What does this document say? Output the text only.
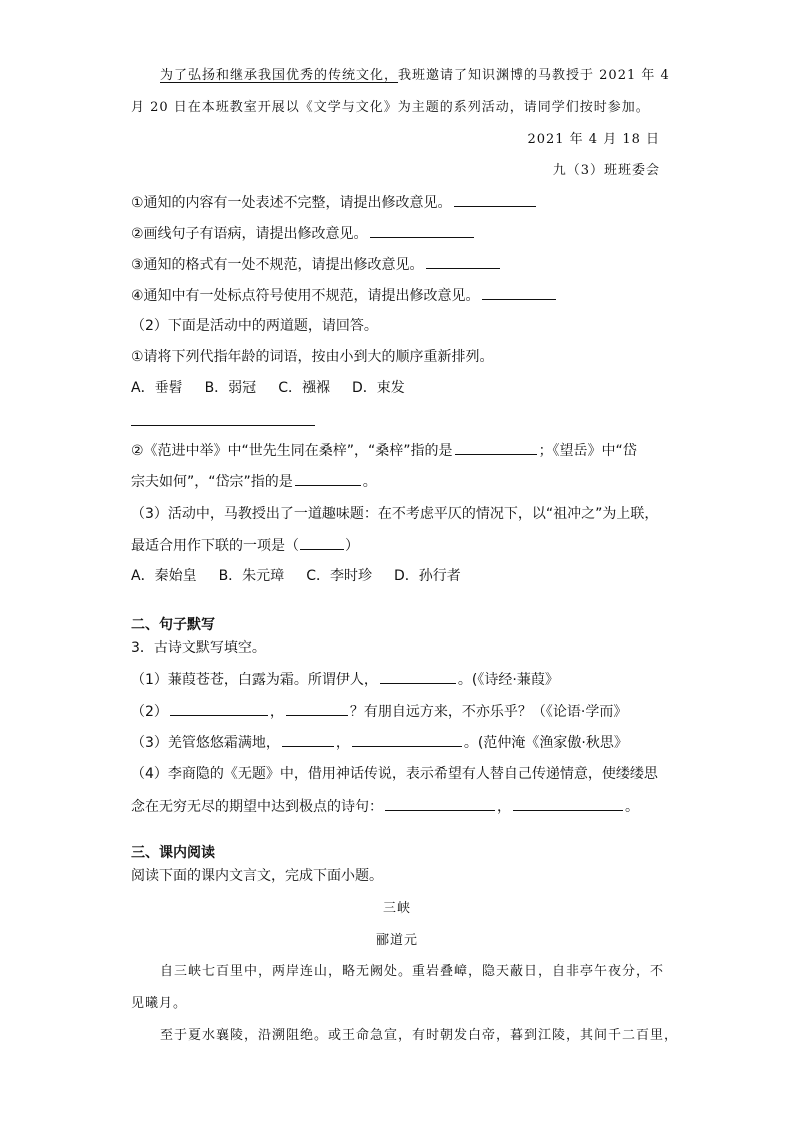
为了弘扬和继承我国优秀的传统文化，我班邀请了知识渊博的马教授于 2021 年 4
月 20 日在本班教室开展以《文学与文化》为主题的系列活动，请同学们按时参加。
2021 年 4 月 18 日
九（3）班班委会
①通知的内容有一处表述不完整，请提出修改意见。
②画线句子有语病，请提出修改意见。
③通知的格式有一处不规范，请提出修改意见。
④通知中有一处标点符号使用不规范，请提出修改意见。
（2）下面是活动中的两道题，请回答。
①请将下列代指年龄的词语，按由小到大的顺序重新排列。
A．垂髫 B．弱冠 C．襁褓 D．束发
②《范进中举》中“世先生同在桑梓”，“桑梓”指的是	；《望岳》中“岱
宗夫如何”，“岱宗”指的是	。
（3）活动中，马教授出了一道趣味题：在不考虑平仄的情况下，以“祖冲之”为上联，
最适合用作下联的一项是（	）
A．秦始皇 B．朱元璋 C．李时珍 D．孙行者
二、句子默写
3．古诗文默写填空。
（1）蒹葭苍苍，白露为霜。所谓伊人，	。(《诗经·蒹葭》
（2）	，	？有朋自远方来，不亦乐乎？（《论语·学而》
（3）羌管悠悠霜满地，	，	。(范仲淹《渔家傲·秋思》
（4）李商隐的《无题》中，借用神话传说，表示希望有人替自己传递情意，使缕缕思
念在无穷无尽的期望中达到极点的诗句：	，	。
三、课内阅读
阅读下面的课内文言文，完成下面小题。
三峡
郦道元
自三峡七百里中，两岸连山，略无阙处。重岩叠嶂，隐天蔽日，自非亭午夜分，不
见曦月。
至于夏水襄陵，沿溯阻绝。或王命急宣，有时朝发白帝，暮到江陵，其间千二百里，
